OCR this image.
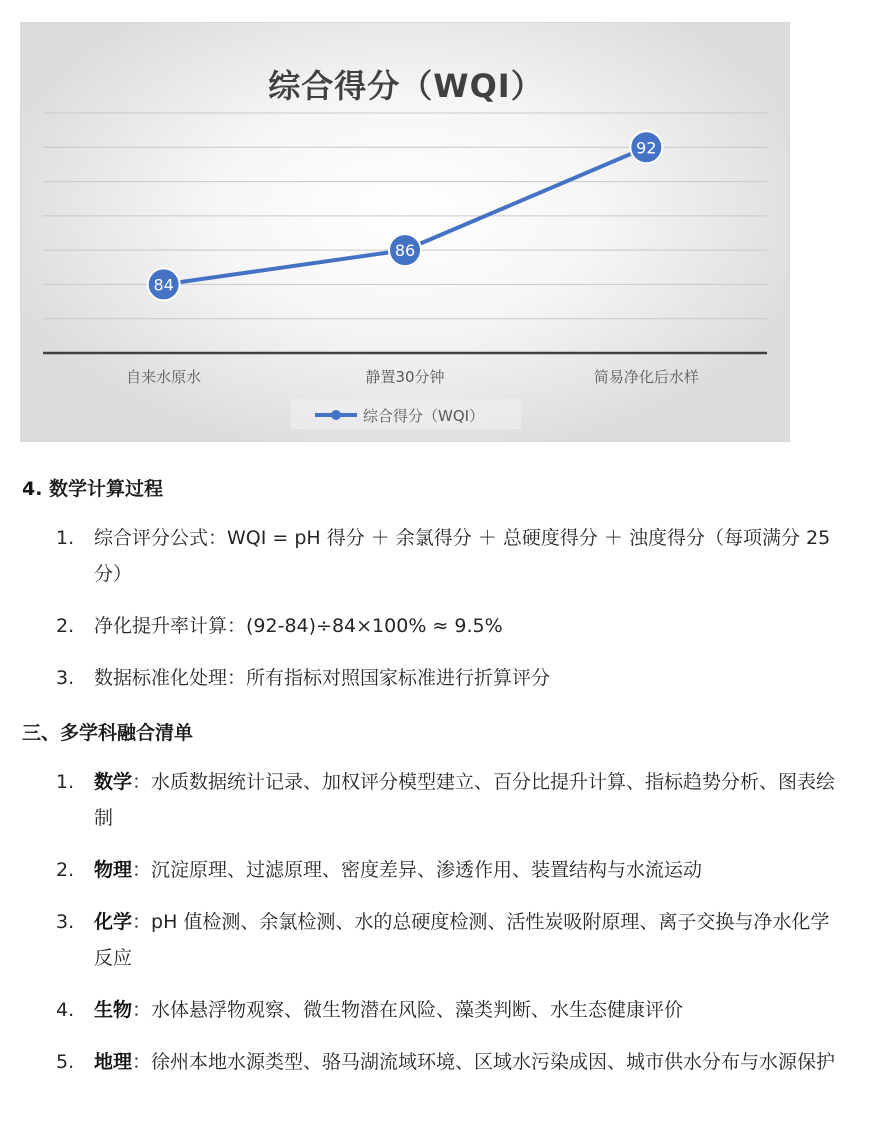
自来水原水	静置30分钟	简易净化后水样
84
86
92
综合得分（WQI）
综合得分（WQI）
4. 数学计算过程
1.	综合评分公式：WQI = pH 得分 ＋ 余氯得分 ＋ 总硬度得分 ＋ 浊度得分（每项满分 25 分）
2.	净化提升率计算：(92-84)÷84×100% ≈ 9.5%
3.	数据标准化处理：所有指标对照国家标准进行折算评分
三、多学科融合清单
1.	数学：水质数据统计记录、加权评分模型建立、百分比提升计算、指标趋势分析、图表绘制
2.	物理：沉淀原理、过滤原理、密度差异、渗透作用、装置结构与水流运动
3.	化学：pH 值检测、余氯检测、水的总硬度检测、活性炭吸附原理、离子交换与净水化学反应
4.	生物：水体悬浮物观察、微生物潜在风险、藻类判断、水生态健康评价
5.	地理：徐州本地水源类型、骆马湖流域环境、区域水污染成因、城市供水分布与水源保护
